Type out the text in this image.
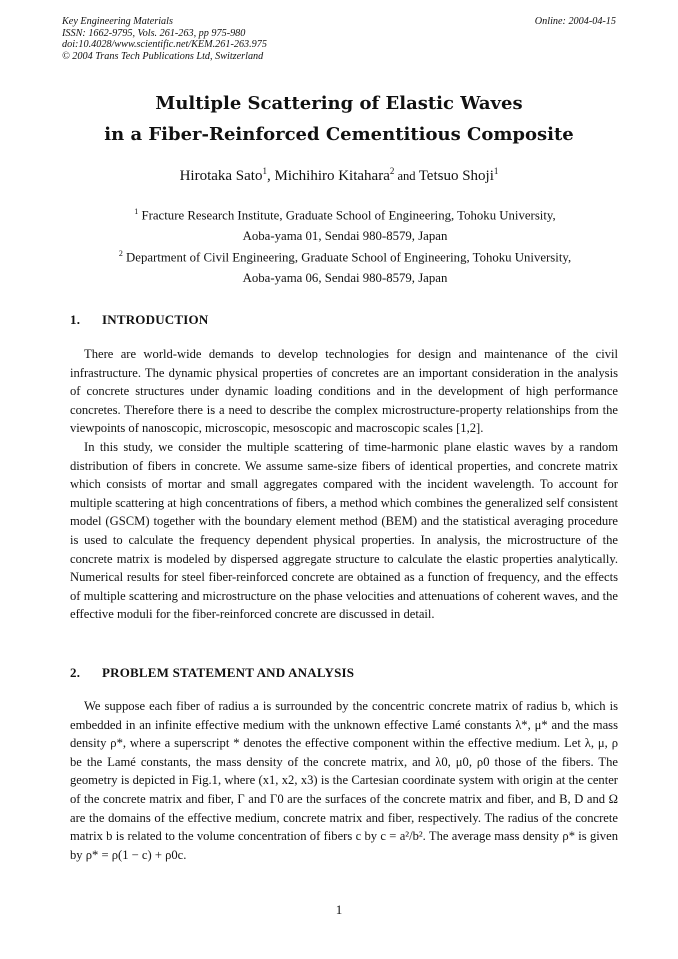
Key Engineering Materials
ISSN: 1662-9795, Vols. 261-263, pp 975-980
doi:10.4028/www.scientific.net/KEM.261-263.975
© 2004 Trans Tech Publications Ltd, Switzerland
Online: 2004-04-15
Multiple Scattering of Elastic Waves
in a Fiber-Reinforced Cementitious Composite
Hirotaka Sato$^1$, Michihiro Kitahara$^2$ and Tetsuo Shoji$^1$
$^1$ Fracture Research Institute, Graduate School of Engineering, Tohoku University,
Aoba-yama 01, Sendai 980-8579, Japan
$^2$ Department of Civil Engineering, Graduate School of Engineering, Tohoku University,
Aoba-yama 06, Sendai 980-8579, Japan
1. INTRODUCTION
There are world-wide demands to develop technologies for design and maintenance of the civil infrastructure. The dynamic physical properties of concretes are an important consideration in the analysis of concrete structures under dynamic loading conditions and in the development of high performance concretes. Therefore there is a need to describe the complex microstructure-property relationships from the viewpoints of nanoscopic, microscopic, mesoscopic and macroscopic scales [1,2].
In this study, we consider the multiple scattering of time-harmonic plane elastic waves by a random distribution of fibers in concrete. We assume same-size fibers of identical properties, and concrete matrix which consists of mortar and small aggregates compared with the incident wavelength. To account for multiple scattering at high concentrations of fibers, a method which combines the generalized self consistent model (GSCM) together with the boundary element method (BEM) and the statistical averaging procedure is used to calculate the frequency dependent physical properties. In analysis, the microstructure of the concrete matrix is modeled by dispersed aggregate structure to calculate the elastic properties analytically. Numerical results for steel fiber-reinforced concrete are obtained as a function of frequency, and the effects of multiple scattering and microstructure on the phase velocities and attenuations of coherent waves, and the effective moduli for the fiber-reinforced concrete are discussed in detail.
2. PROBLEM STATEMENT AND ANALYSIS
We suppose each fiber of radius a is surrounded by the concentric concrete matrix of radius b, which is embedded in an infinite effective medium with the unknown effective Lamé constants λ*, μ* and the mass density ρ*, where a superscript * denotes the effective component within the effective medium. Let λ, μ, ρ be the Lamé constants, the mass density of the concrete matrix, and λ0, μ0, ρ0 those of the fibers. The geometry is depicted in Fig.1, where (x1, x2, x3) is the Cartesian coordinate system with origin at the center of the concrete matrix and fiber, Γ and Γ0 are the surfaces of the concrete matrix and fiber, and B, D and Ω are the domains of the effective medium, concrete matrix and fiber, respectively. The radius of the concrete matrix b is related to the volume concentration of fibers c by c = a²/b². The average mass density ρ* is given by ρ* = ρ(1 − c) + ρ0c.
1
